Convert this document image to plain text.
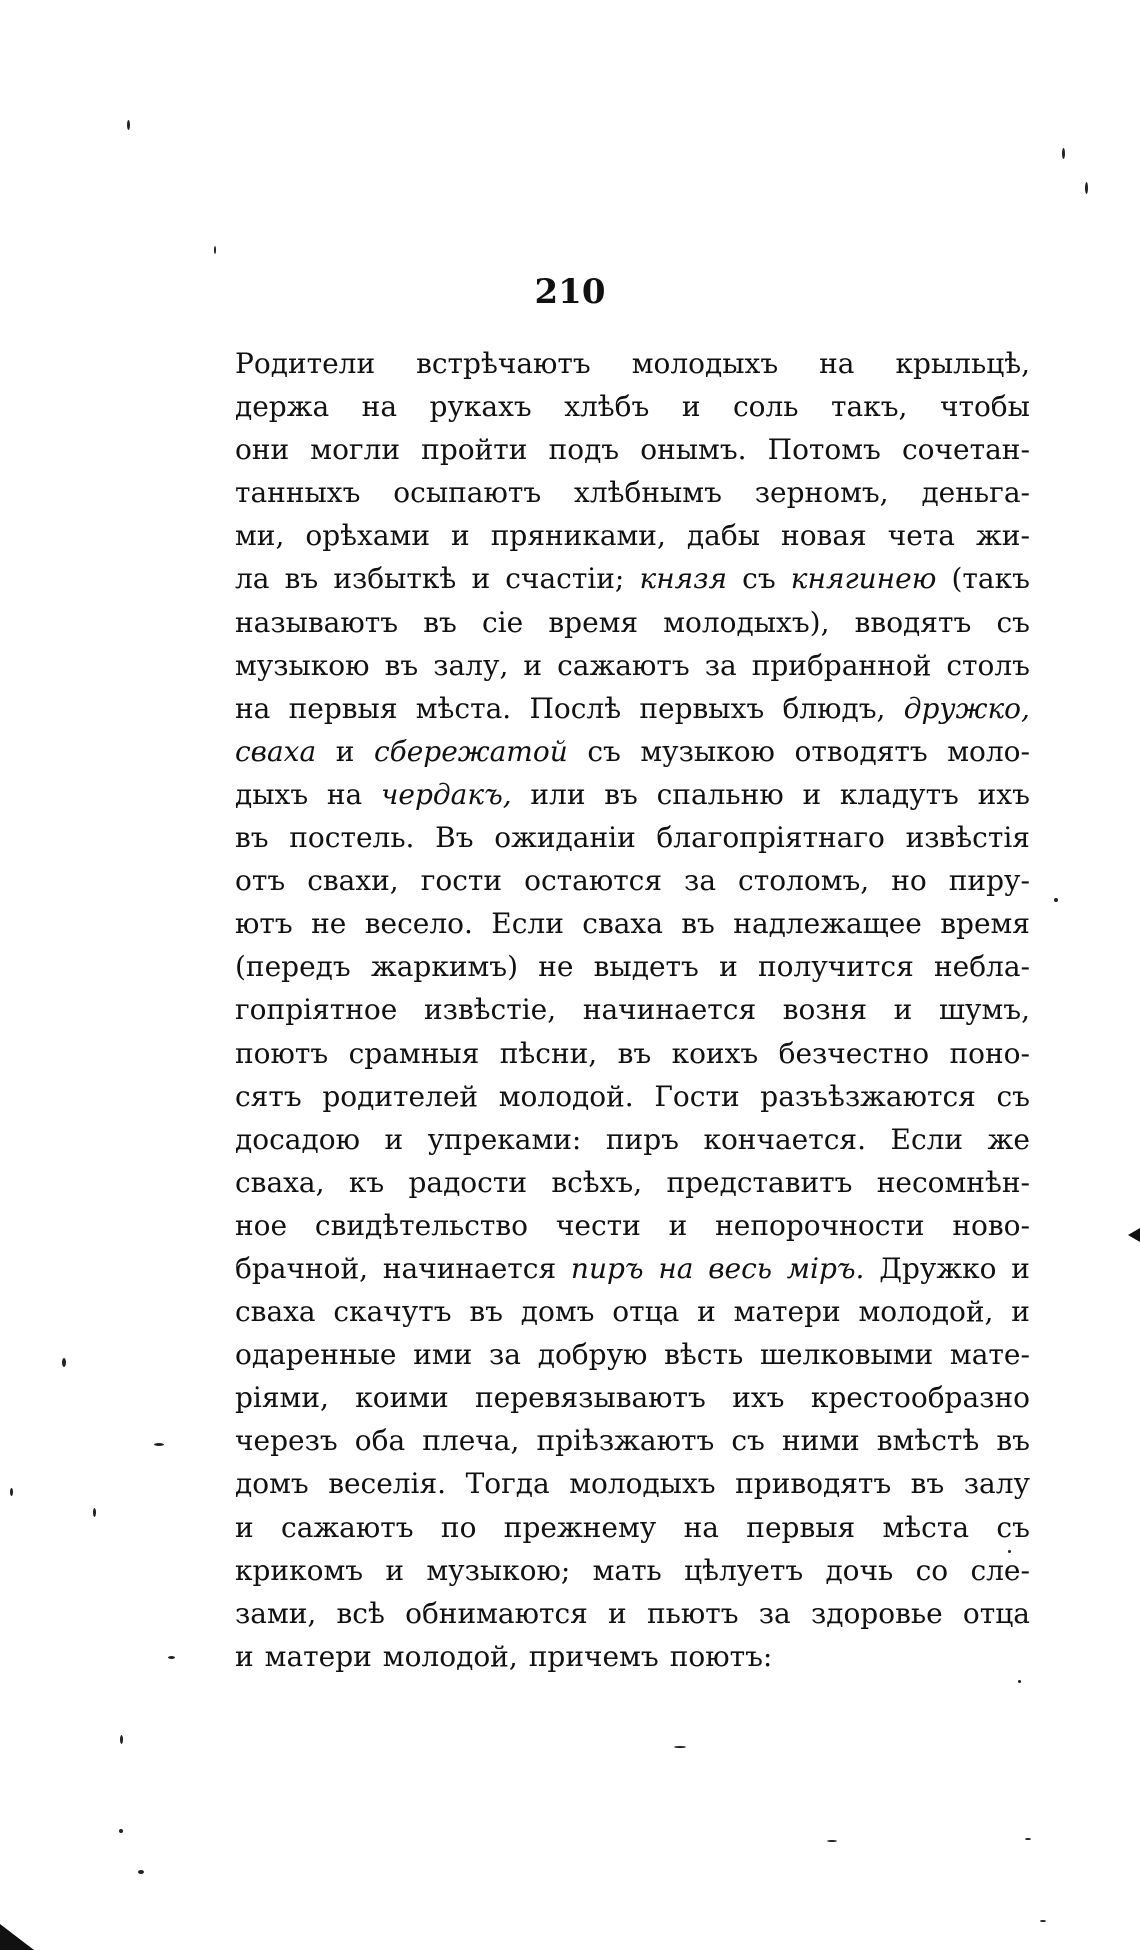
210
Родители встрѣчаютъ молодыхъ на крыльцѣ,
держа на рукахъ хлѣбъ и соль такъ, чтобы
они могли пройти подъ онымъ. Потомъ сочетан-
танныхъ осыпаютъ хлѣбнымъ зерномъ, деньга-
ми, орѣхами и пряниками, дабы новая чета жи-
ла въ избыткѣ и счастіи; князя съ княгинею (такъ
называютъ въ сіе время молодыхъ), вводятъ съ
музыкою въ залу, и сажаютъ за прибранной столъ
на первыя мѣста. Послѣ первыхъ блюдъ, дружко,
сваха и сбережатой съ музыкою отводятъ моло-
дыхъ на чердакъ, или въ спальню и кладутъ ихъ
въ постель. Въ ожиданіи благопріятнаго извѣстія
отъ свахи, гости остаются за столомъ, но пиру-
ютъ не весело. Если сваха въ надлежащее время
(передъ жаркимъ) не выдетъ и получится небла-
гопріятное извѣстіе, начинается возня и шумъ,
поютъ срамныя пѣсни, въ коихъ безчестно поно-
сятъ родителей молодой. Гости разъѣзжаются съ
досадою и упреками: пиръ кончается. Если же
сваха, къ радости всѣхъ, представитъ несомнѣн-
ное свидѣтельство чести и непорочности ново-
брачной, начинается пиръ на весь міръ. Дружко и
сваха скачутъ въ домъ отца и матери молодой, и
одаренные ими за добрую вѣсть шелковыми мате-
ріями, коими перевязываютъ ихъ крестообразно
черезъ оба плеча, пріѣзжаютъ съ ними вмѣстѣ въ
домъ веселія. Тогда молодыхъ приводятъ въ залу
и сажаютъ по прежнему на первыя мѣста съ
крикомъ и музыкою; мать цѣлуетъ дочь со сле-
зами, всѣ обнимаются и пьютъ за здоровье отца
и матери молодой, причемъ поютъ:
